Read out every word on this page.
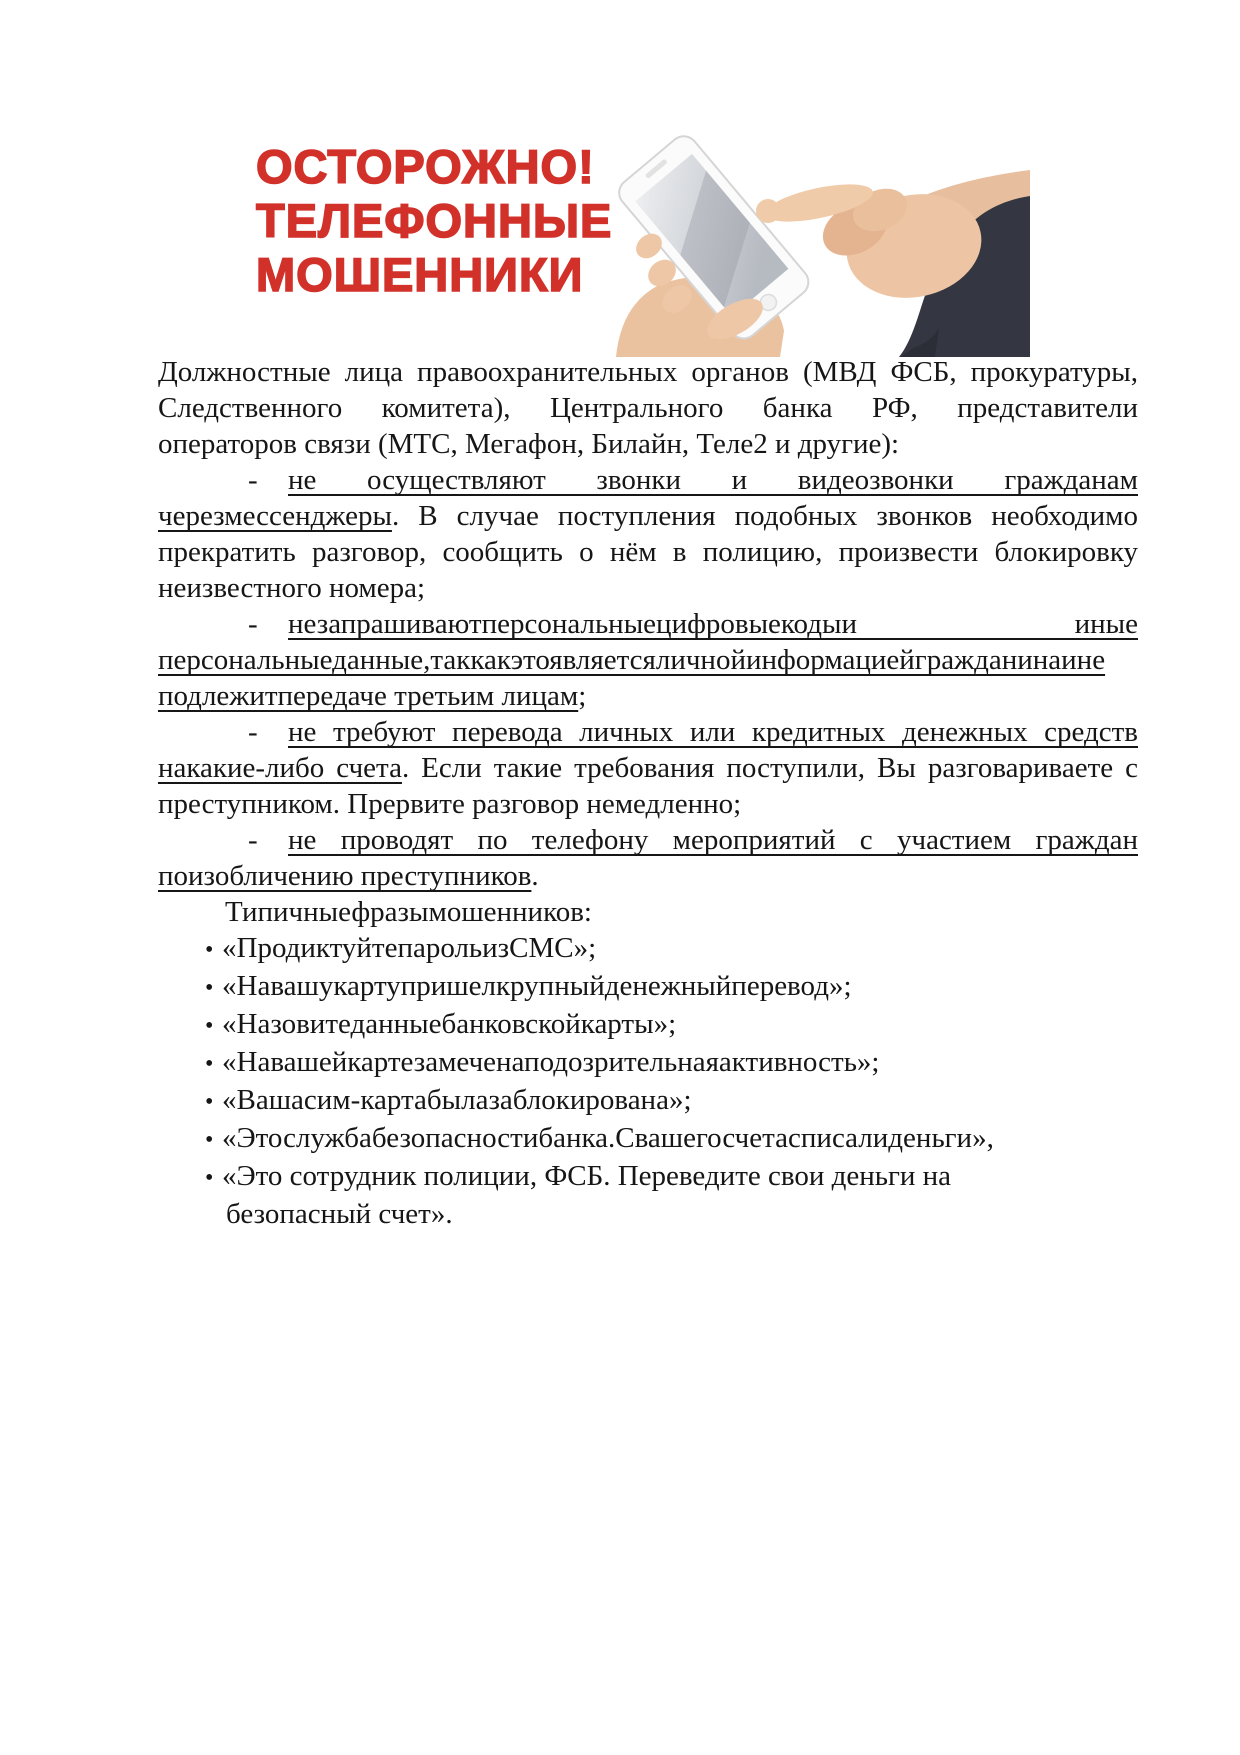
ОСТОРОЖНО!
ТЕЛЕФОННЫЕ
МОШЕННИКИ
Должностные лица правоохранительных органов (МВД ФСБ, прокуратуры,
Следственного комитета), Центрального банка РФ, представители
операторов связи (МТС, Мегафон, Билайн, Теле2 и другие):
- не осуществляют звонки и видеозвонки гражданам
черезмессенджеры. В случае поступления подобных звонков необходимо
прекратить разговор, сообщить о нём в полицию, произвести блокировку
неизвестного номера;
- незапрашиваютперсональныецифровыекодыи иные
персональныеданные,таккакэтоявляетсяличнойинформациейгражданинаине
подлежитпередаче третьим лицам;
- не требуют перевода личных или кредитных денежных средств
накакие-либо счета. Если такие требования поступили, Вы разговариваете с
преступником. Прервите разговор немедленно;
- не проводят по телефону мероприятий с участием граждан
поизобличению преступников.
Типичныефразымошенников:
• «ПродиктуйтепарольизСМС»;
• «Навашукартупришелкрупныйденежныйперевод»;
• «Назовитеданныебанковскойкарты»;
• «Навашейкартезамеченаподозрительнаяактивность»;
• «Вашасим-картабылазаблокирована»;
• «Этослужбабезопасностибанка.Свашегосчетасписалиденьги»,
• «Это сотрудник полиции, ФСБ. Переведите свои деньги на
безопасный счет».
